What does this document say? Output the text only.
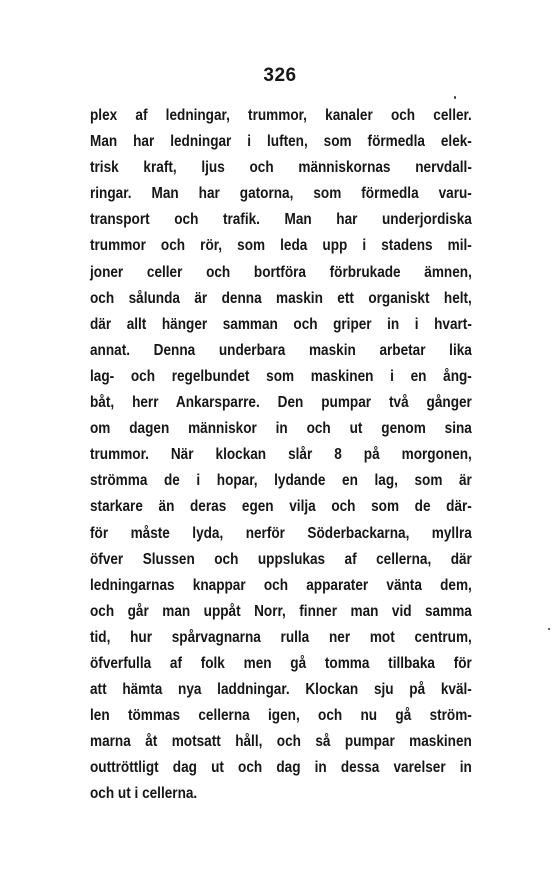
326
plex af ledningar, trummor, kanaler och celler.
Man har ledningar i luften, som förmedla elek-
trisk kraft, ljus och människornas nervdall-
ringar. Man har gatorna, som förmedla varu-
transport och trafik. Man har underjordiska
trummor och rör, som leda upp i stadens mil-
joner celler och bortföra förbrukade ämnen,
och sålunda är denna maskin ett organiskt helt,
där allt hänger samman och griper in i hvart-
annat. Denna underbara maskin arbetar lika
lag- och regelbundet som maskinen i en ång-
båt, herr Ankarsparre. Den pumpar två gånger
om dagen människor in och ut genom sina
trummor. När klockan slår 8 på morgonen,
strömma de i hopar, lydande en lag, som är
starkare än deras egen vilja och som de där-
för måste lyda, nerför Söderbackarna, myllra
öfver Slussen och uppslukas af cellerna, där
ledningarnas knappar och apparater vänta dem,
och går man uppåt Norr, finner man vid samma
tid, hur spårvagnarna rulla ner mot centrum,
öfverfulla af folk men gå tomma tillbaka för
att hämta nya laddningar. Klockan sju på kväl-
len tömmas cellerna igen, och nu gå ström-
marna åt motsatt håll, och så pumpar maskinen
outtröttligt dag ut och dag in dessa varelser in
och ut i cellerna.
